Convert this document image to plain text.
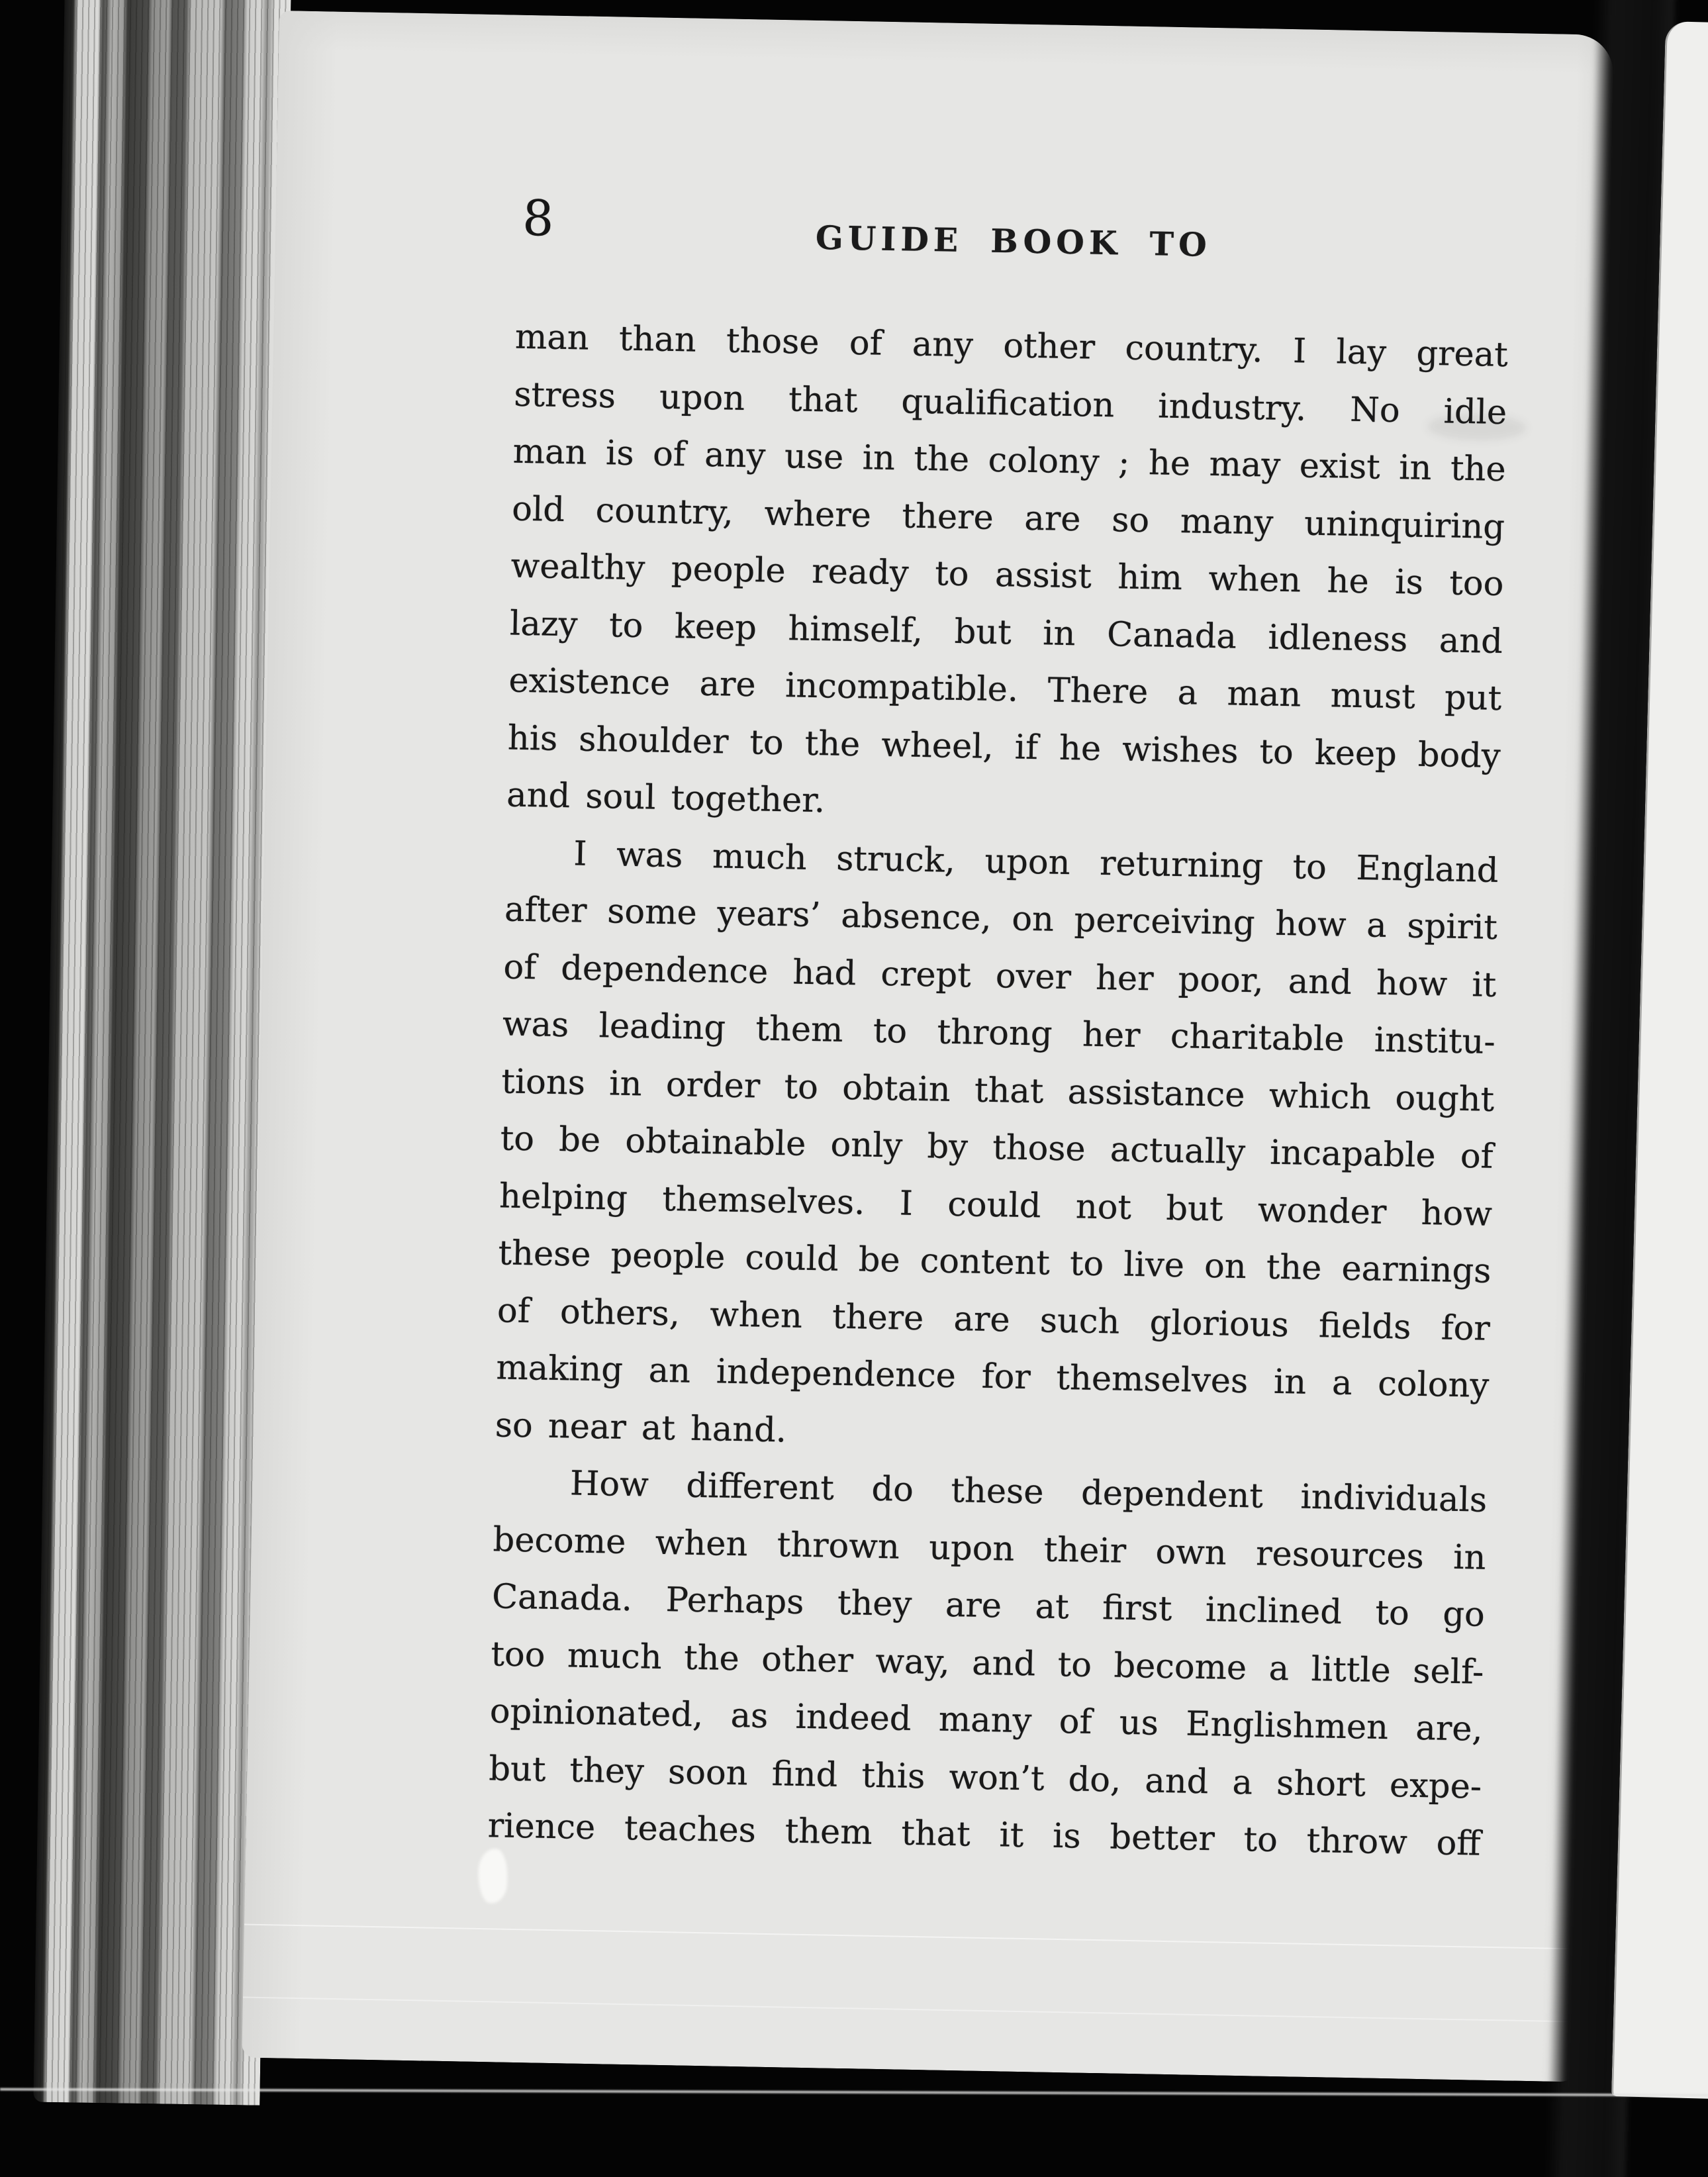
8	GUIDE BOOK TO
man than those of any other country. I lay great
stress upon that qualification industry. No idle
man is of any use in the colony ; he may exist in the
old country, where there are so many uninquiring
wealthy people ready to assist him when he is too
lazy to keep himself, but in Canada idleness and
existence are incompatible. There a man must put
his shoulder to the wheel, if he wishes to keep body
and soul together.
I was much struck, upon returning to England
after some years’ absence, on perceiving how a spirit
of dependence had crept over her poor, and how it
was leading them to throng her charitable institu-
tions in order to obtain that assistance which ought
to be obtainable only by those actually incapable of
helping themselves. I could not but wonder how
these people could be content to live on the earnings
of others, when there are such glorious fields for
making an independence for themselves in a colony
so near at hand.
How different do these dependent individuals
become when thrown upon their own resources in
Canada. Perhaps they are at first inclined to go
too much the other way, and to become a little self-
opinionated, as indeed many of us Englishmen are,
but they soon find this won’t do, and a short expe-
rience teaches them that it is better to throw off
